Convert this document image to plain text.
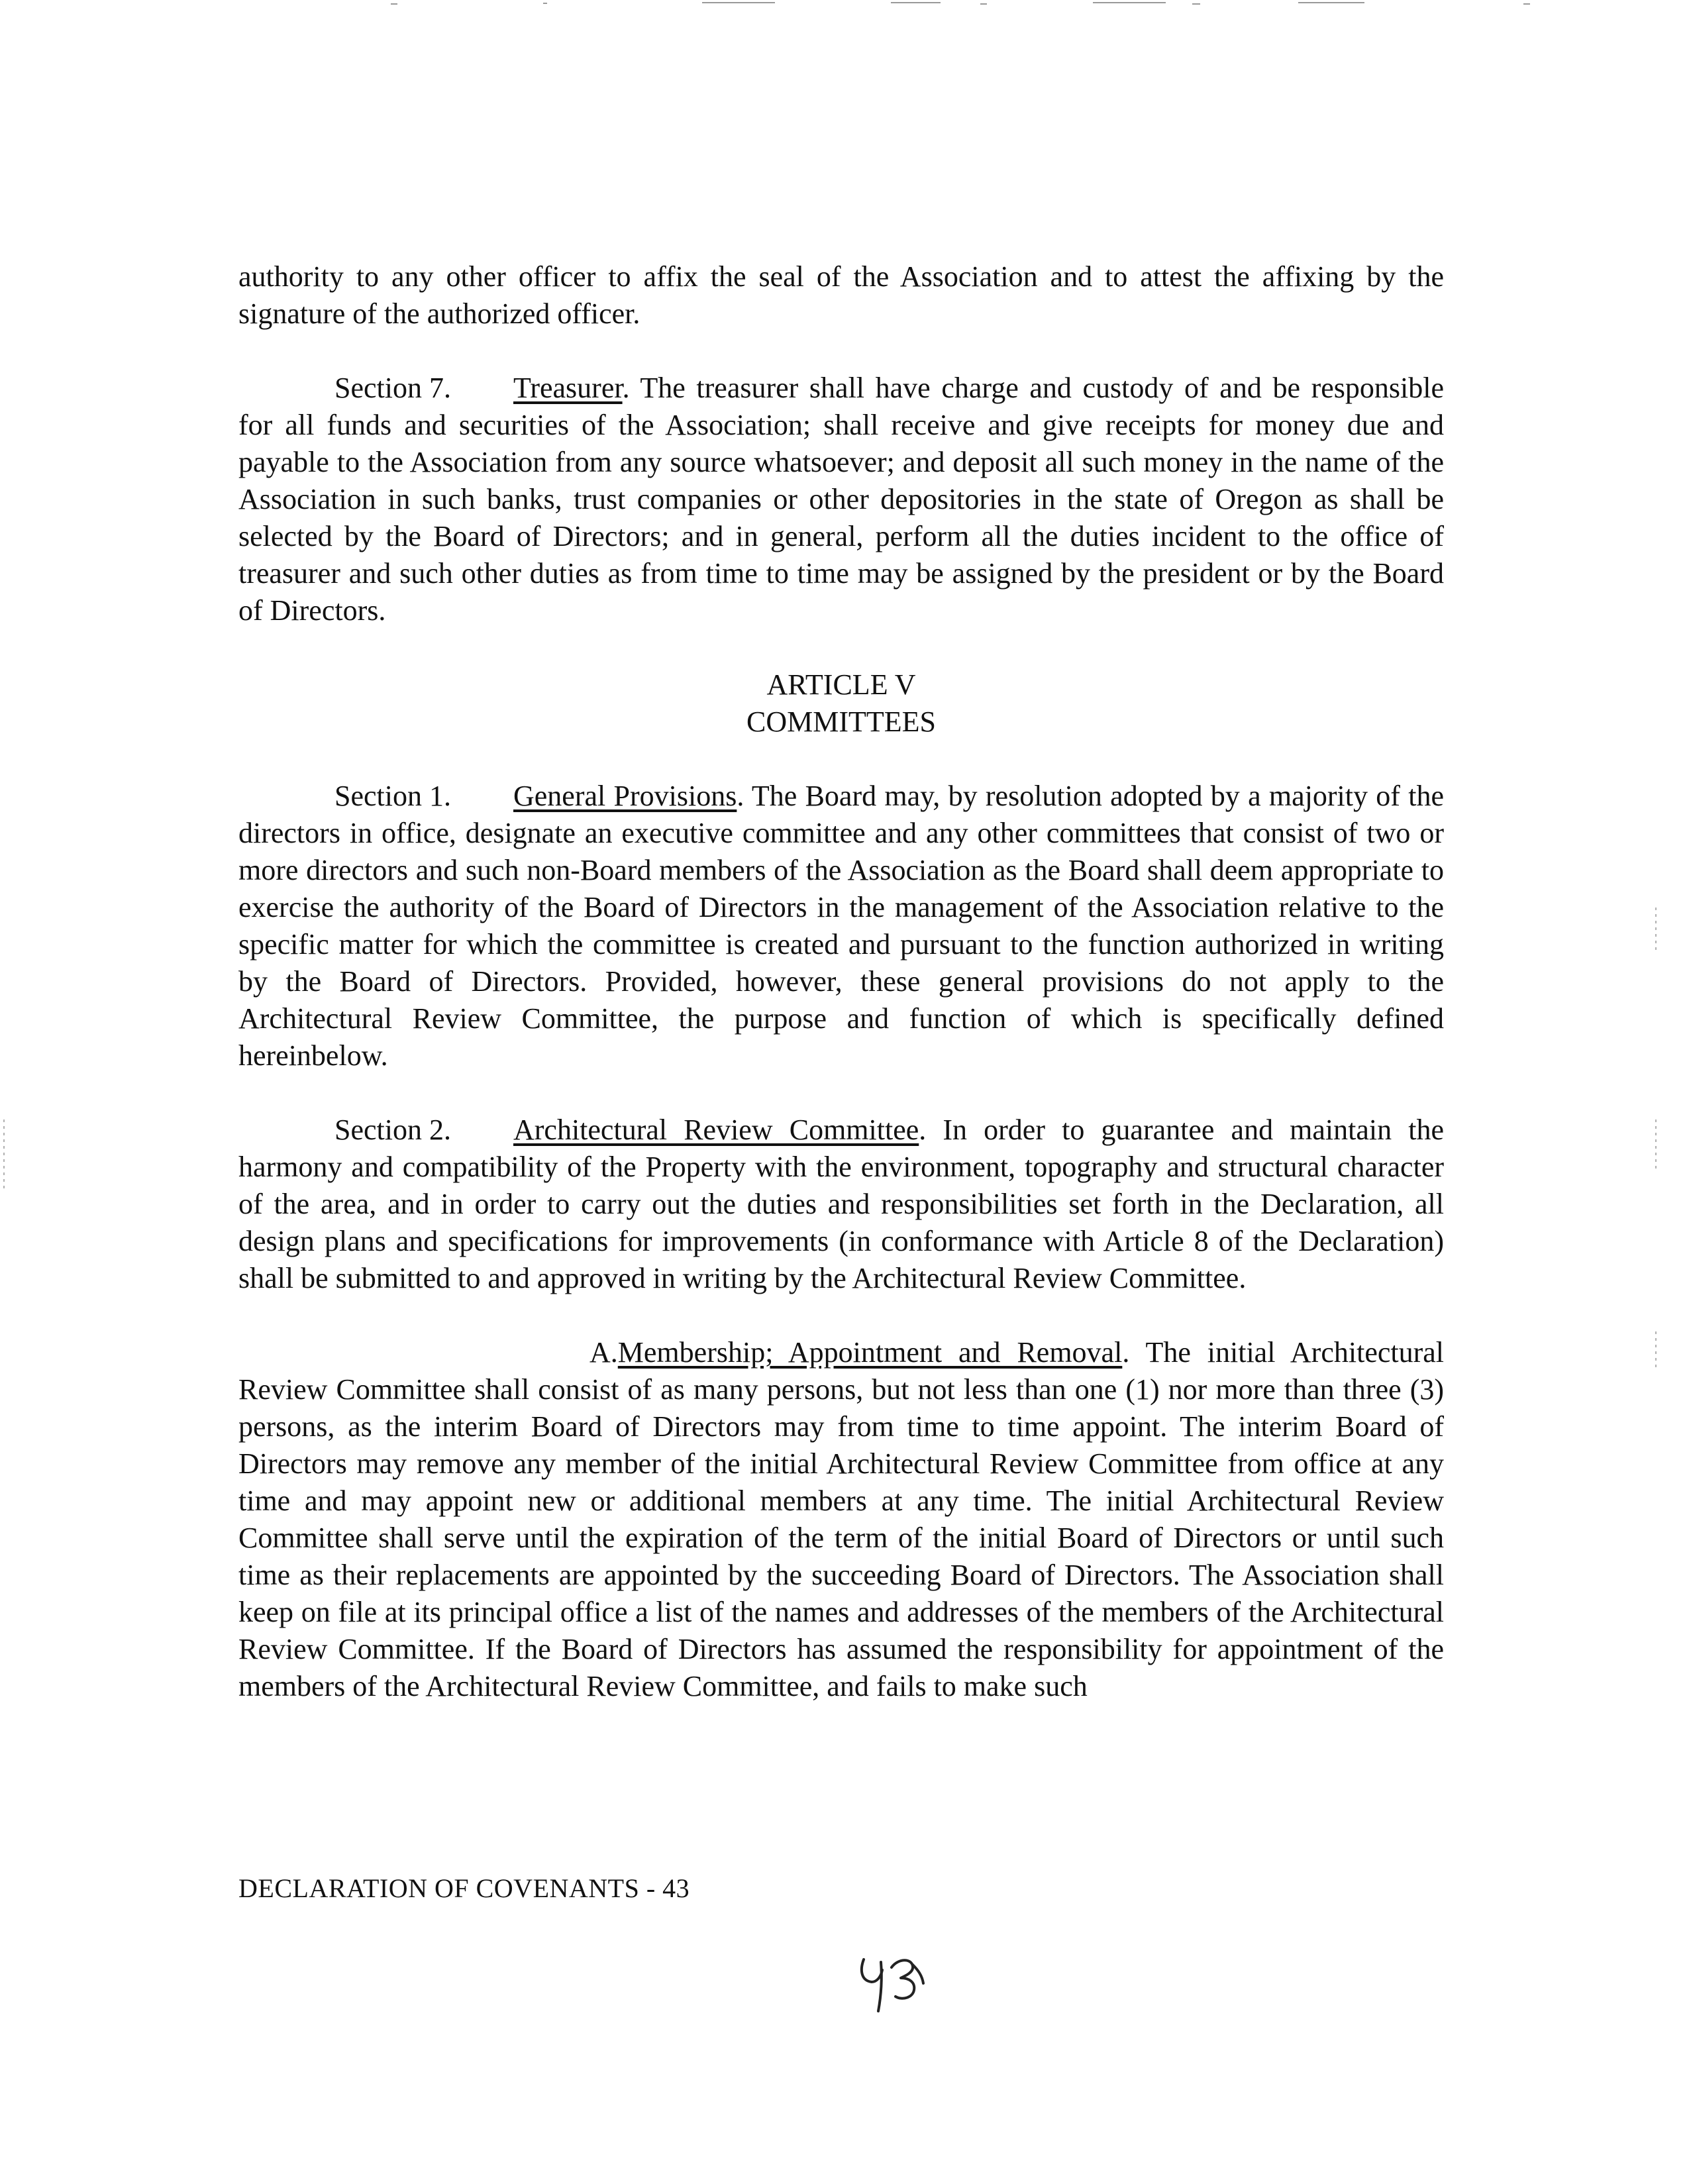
authority to any other officer to affix the seal of the Association and to attest the affixing by the signature of the authorized officer.

Section 7. Treasurer. The treasurer shall have charge and custody of and be responsible for all funds and securities of the Association; shall receive and give receipts for money due and payable to the Association from any source whatsoever; and deposit all such money in the name of the Association in such banks, trust companies or other depositories in the state of Oregon as shall be selected by the Board of Directors; and in general, perform all the duties incident to the office of treasurer and such other duties as from time to time may be assigned by the president or by the Board of Directors.

ARTICLE V
COMMITTEES

Section 1. General Provisions. The Board may, by resolution adopted by a majority of the directors in office, designate an executive committee and any other committees that consist of two or more directors and such non-Board members of the Association as the Board shall deem appropriate to exercise the authority of the Board of Directors in the management of the Association relative to the specific matter for which the committee is created and pursuant to the function authorized in writing by the Board of Directors. Provided, however, these general provisions do not apply to the Architectural Review Committee, the purpose and function of which is specifically defined hereinbelow.

Section 2. Architectural Review Committee. In order to guarantee and maintain the harmony and compatibility of the Property with the environment, topography and structural character of the area, and in order to carry out the duties and responsibilities set forth in the Declaration, all design plans and specifications for improvements (in conformance with Article 8 of the Declaration) shall be submitted to and approved in writing by the Architectural Review Committee.

A.Membership; Appointment and Removal. The initial Architectural Review Committee shall consist of as many persons, but not less than one (1) nor more than three (3) persons, as the interim Board of Directors may from time to time appoint. The interim Board of Directors may remove any member of the initial Architectural Review Committee from office at any time and may appoint new or additional members at any time. The initial Architectural Review Committee shall serve until the expiration of the term of the initial Board of Directors or until such time as their replacements are appointed by the succeeding Board of Directors. The Association shall keep on file at its principal office a list of the names and addresses of the members of the Architectural Review Committee. If the Board of Directors has assumed the responsibility for appointment of the members of the Architectural Review Committee, and fails to make such

DECLARATION OF COVENANTS - 43
